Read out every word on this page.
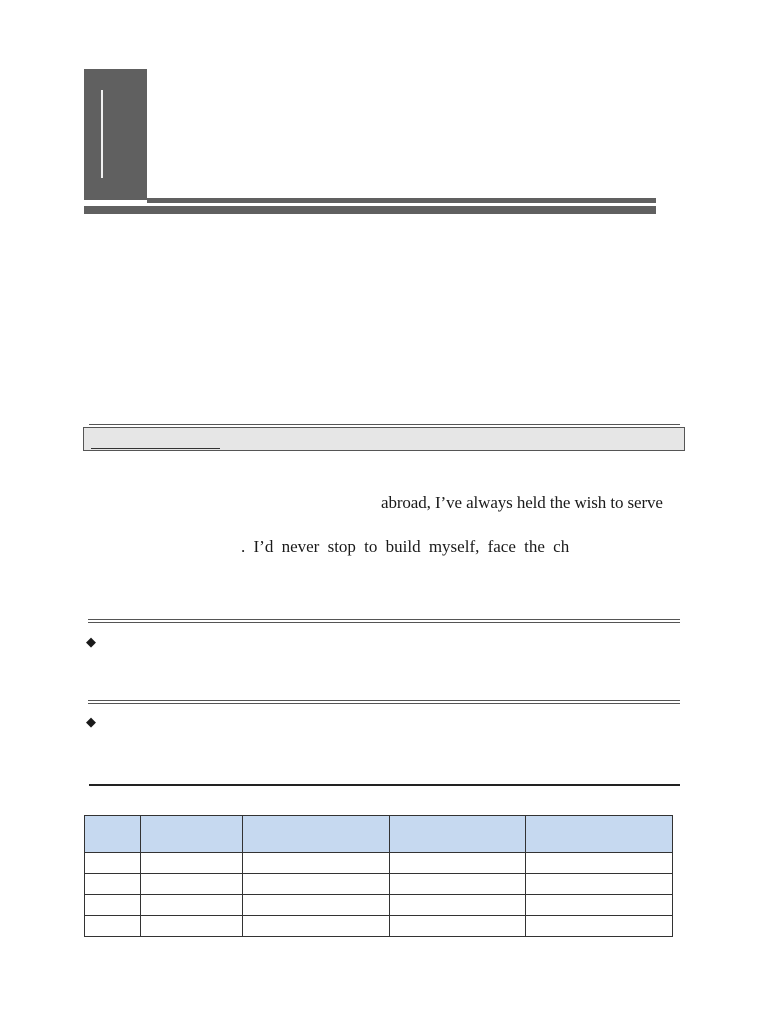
abroad, I’ve always held the wish to serve
. I’d never stop to build myself, face the ch
◆
◆
